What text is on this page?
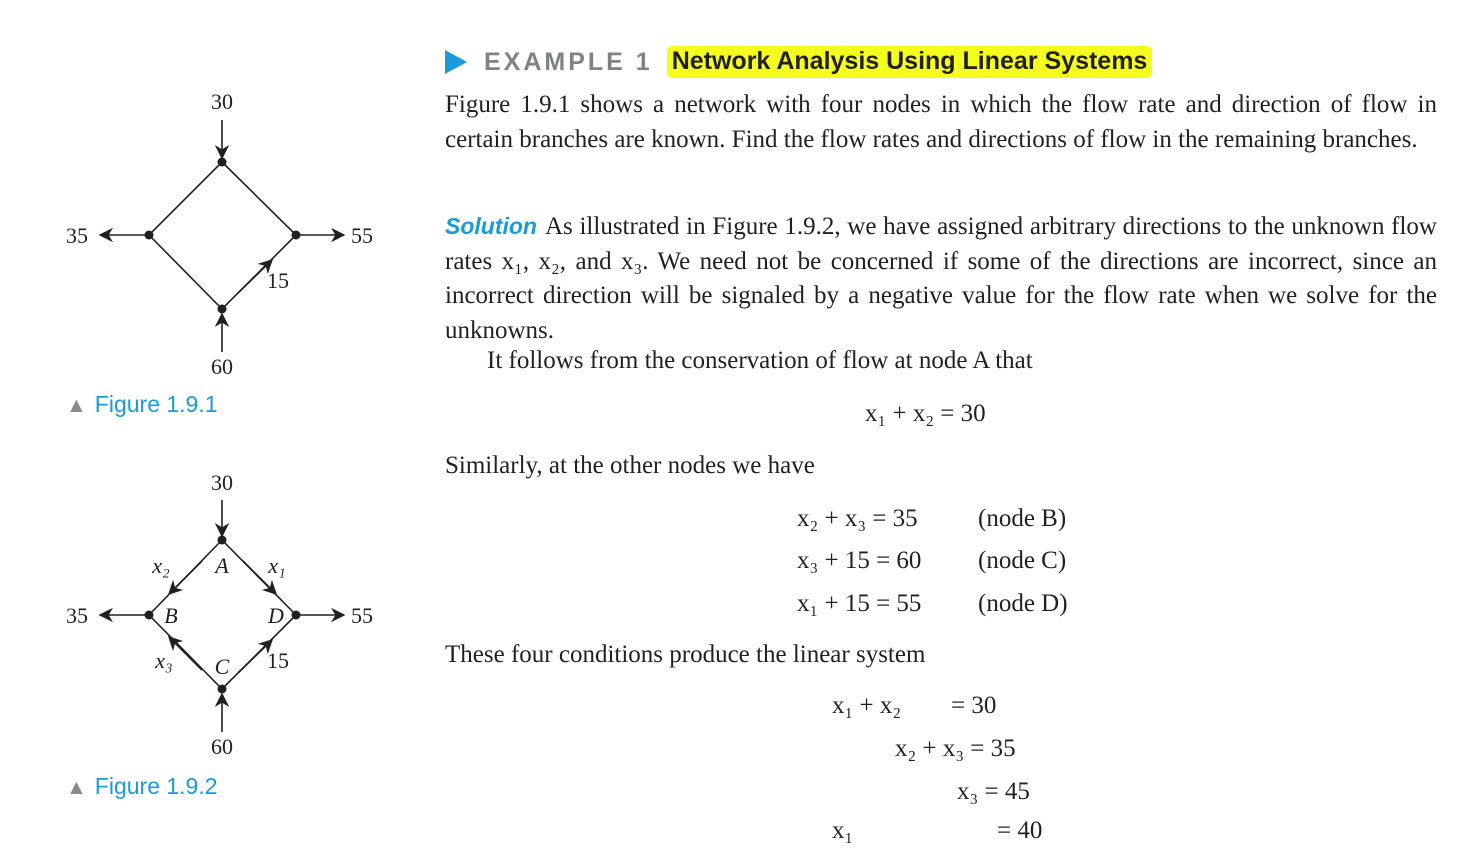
30
35	55
60
15
▲ Figure 1.9.1
30
35	55
60
15
A
B
C
D
x₂	x₁
x₃
▲ Figure 1.9.2
EXAMPLE 1 Network Analysis Using Linear Systems

Figure 1.9.1 shows a network with four nodes in which the flow rate and direction of flow in certain branches are known. Find the flow rates and directions of flow in the remaining branches.

Solution As illustrated in Figure 1.9.2, we have assigned arbitrary directions to the unknown flow rates x₁, x₂, and x₃. We need not be concerned if some of the directions are incorrect, since an incorrect direction will be signaled by a negative value for the flow rate when we solve for the unknowns.

It follows from the conservation of flow at node A that
x₁ + x₂ = 30
Similarly, at the other nodes we have
x₂ + x₃ = 35 (node B)
x₃ + 15 = 60 (node C)
x₁ + 15 = 55 (node D)
These four conditions produce the linear system
x₁ + x₂        = 30
x₂ + x₃ = 35
x₃ = 45
x₁                       = 40
